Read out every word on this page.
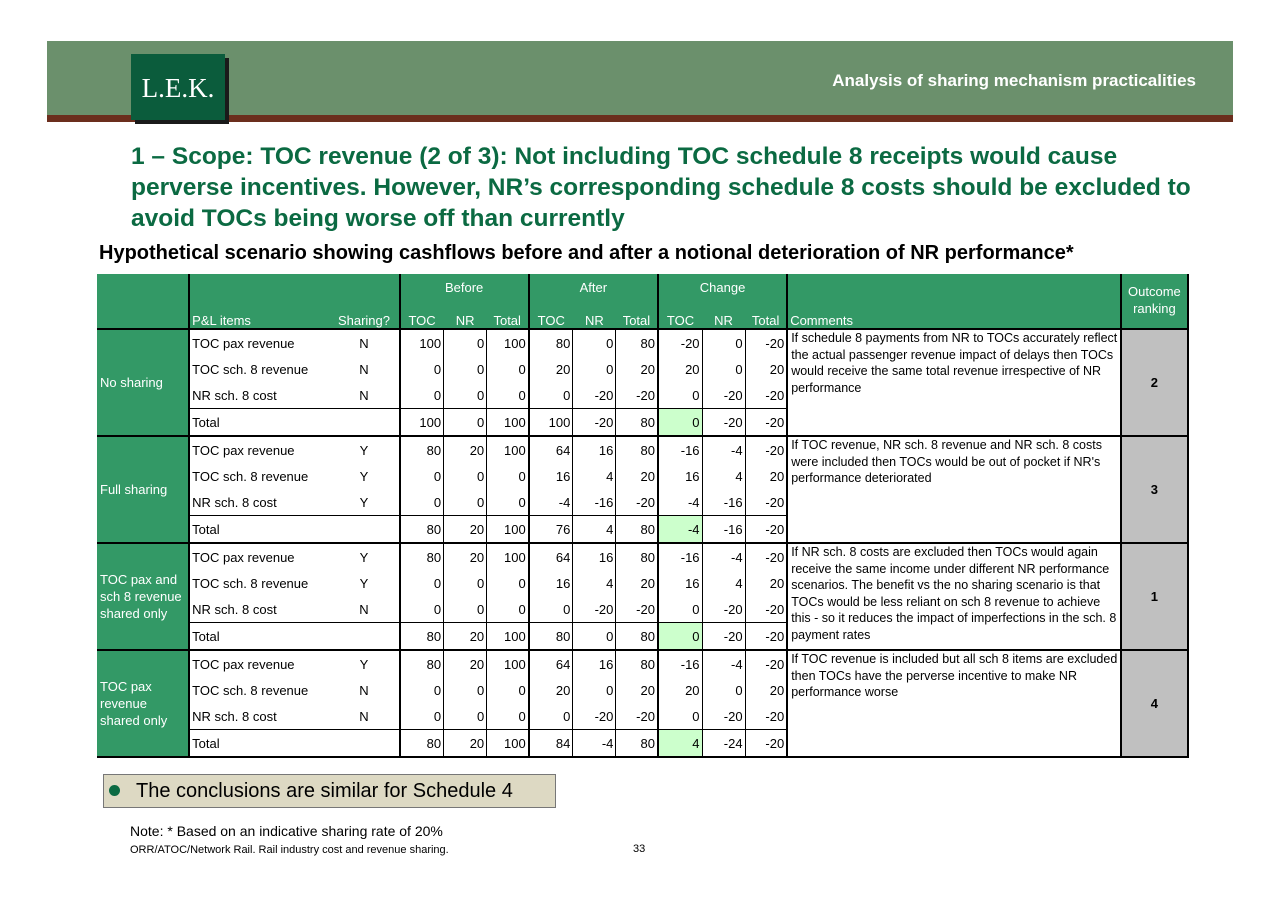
L.E.K.	Analysis of sharing mechanism practicalities
1 – Scope: TOC revenue (2 of 3): Not including TOC schedule 8 receipts would cause perverse incentives. However, NR’s corresponding schedule 8 costs should be excluded to avoid TOCs being worse off than currently
Hypothetical scenario showing cashflows before and after a notional deterioration of NR performance*
			Before			After			Change				Outcome ranking
	P&L items	Sharing?	TOC	NR	Total	TOC	NR	Total	TOC	NR	Total	Comments	
No sharing	TOC pax revenue	N	100	0	100	80	0	80	-20	0	-20	If schedule 8 payments from NR to TOCs accurately reflect the actual passenger revenue impact of delays then TOCs would receive the same total revenue irrespective of NR performance	2
	TOC sch. 8 revenue	N	0	0	0	20	0	20	20	0	20		
	NR sch. 8 cost	N	0	0	0	0	-20	-20	0	-20	-20		
	Total		100	0	100	100	-20	80	0	-20	-20		
Full sharing	TOC pax revenue	Y	80	20	100	64	16	80	-16	-4	-20	If TOC revenue, NR sch. 8 revenue and NR sch. 8 costs were included then TOCs would be out of pocket if NR's performance deteriorated	3
	TOC sch. 8 revenue	Y	0	0	0	16	4	20	16	4	20		
	NR sch. 8 cost	Y	0	0	0	-4	-16	-20	-4	-16	-20		
	Total		80	20	100	76	4	80	-4	-16	-20		
TOC pax and sch 8 revenue shared only	TOC pax revenue	Y	80	20	100	64	16	80	-16	-4	-20	If NR sch. 8 costs are excluded then TOCs would again receive the same income under different NR performance scenarios. The benefit vs the no sharing scenario is that TOCs would be less reliant on sch 8 revenue to achieve this - so it reduces the impact of imperfections in the sch. 8 payment rates	1
	TOC sch. 8 revenue	Y	0	0	0	16	4	20	16	4	20		
	NR sch. 8 cost	N	0	0	0	0	-20	-20	0	-20	-20		
	Total		80	20	100	80	0	80	0	-20	-20		
TOC pax revenue shared only	TOC pax revenue	Y	80	20	100	64	16	80	-16	-4	-20	If TOC revenue is included but all sch 8 items are excluded then TOCs have the perverse incentive to make NR performance worse	4
	TOC sch. 8 revenue	N	0	0	0	20	0	20	20	0	20		
	NR sch. 8 cost	N	0	0	0	0	-20	-20	0	-20	-20		
	Total		80	20	100	84	-4	80	4	-24	-20		
The conclusions are similar for Schedule 4
Note: * Based on an indicative sharing rate of 20%
ORR/ATOC/Network Rail. Rail industry cost and revenue sharing.	33
